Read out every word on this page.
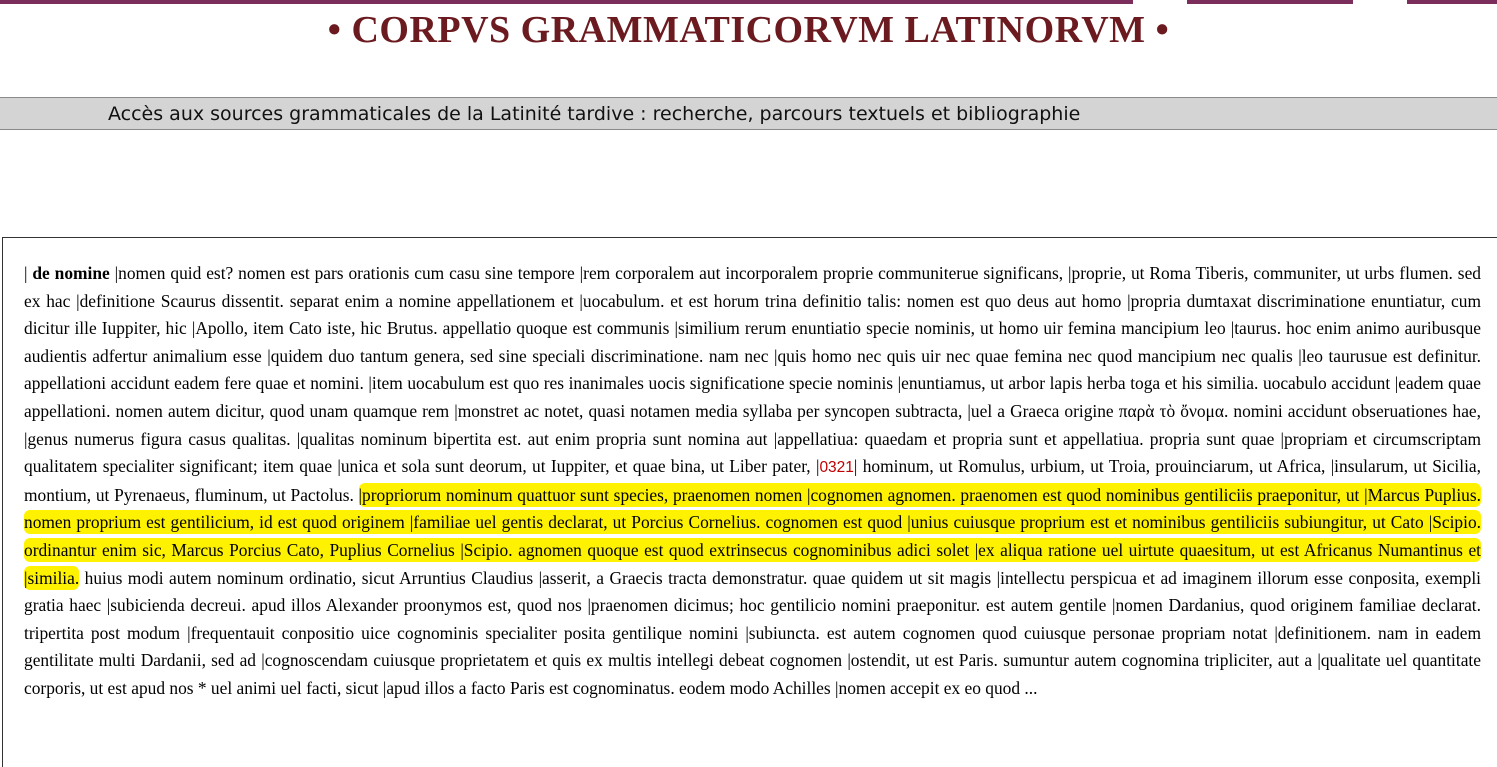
• CORPVS GRAMMATICORVM LATINORVM •
Accès aux sources grammaticales de la Latinité tardive : recherche, parcours textuels et bibliographie
| de nomine |nomen quid est? nomen est pars orationis cum casu sine tempore |rem corporalem aut incorporalem proprie communiterue significans, |proprie, ut Roma Tiberis, communiter, ut urbs flumen. sed ex hac |definitione Scaurus dissentit. separat enim a nomine appellationem et |uocabulum. et est horum trina definitio talis: nomen est quo deus aut homo |propria dumtaxat discriminatione enuntiatur, cum dicitur ille Iuppiter, hic |Apollo, item Cato iste, hic Brutus. appellatio quoque est communis |similium rerum enuntiatio specie nominis, ut homo uir femina mancipium leo |taurus. hoc enim animo auribusque audientis adfertur animalium esse |quidem duo tantum genera, sed sine speciali discriminatione. nam nec |quis homo nec quis uir nec quae femina nec quod mancipium nec qualis |leo taurusue est definitur. appellationi accidunt eadem fere quae et nomini. |item uocabulum est quo res inanimales uocis significatione specie nominis |enuntiamus, ut arbor lapis herba toga et his similia. uocabulo accidunt |eadem quae appellationi. nomen autem dicitur, quod unam quamque rem |monstret ac notet, quasi notamen media syllaba per syncopen subtracta, |uel a Graeca origine παρὰ τὸ ὄνομα. nomini accidunt obseruationes hae, |genus numerus figura casus qualitas. |qualitas nominum bipertita est. aut enim propria sunt nomina aut |appellatiua: quaedam et propria sunt et appellatiua. propria sunt quae |propriam et circumscriptam qualitatem specialiter significant; item quae |unica et sola sunt deorum, ut Iuppiter, et quae bina, ut Liber pater, |0321| hominum, ut Romulus, urbium, ut Troia, prouinciarum, ut Africa, |insularum, ut Sicilia, montium, ut Pyrenaeus, fluminum, ut Pactolus. |propriorum nominum quattuor sunt species, praenomen nomen |cognomen agnomen. praenomen est quod nominibus gentiliciis praeponitur, ut |Marcus Puplius. nomen proprium est gentilicium, id est quod originem |familiae uel gentis declarat, ut Porcius Cornelius. cognomen est quod |unius cuiusque proprium est et nominibus gentiliciis subiungitur, ut Cato |Scipio. ordinantur enim sic, Marcus Porcius Cato, Puplius Cornelius |Scipio. agnomen quoque est quod extrinsecus cognominibus adici solet |ex aliqua ratione uel uirtute quaesitum, ut est Africanus Numantinus et |similia. huius modi autem nominum ordinatio, sicut Arruntius Claudius |asserit, a Graecis tracta demonstratur. quae quidem ut sit magis |intellectu perspicua et ad imaginem illorum esse conposita, exempli gratia haec |subicienda decreui. apud illos Alexander proonymos est, quod nos |praenomen dicimus; hoc gentilicio nomini praeponitur. est autem gentile |nomen Dardanius, quod originem familiae declarat. tripertita post modum |frequentauit conpositio uice cognominis specialiter posita gentilique nomini |subiuncta. est autem cognomen quod cuiusque personae propriam notat |definitionem. nam in eadem gentilitate multi Dardanii, sed ad |cognoscendam cuiusque proprietatem et quis ex multis intellegi debeat cognomen |ostendit, ut est Paris. sumuntur autem cognomina tripliciter, aut a |qualitate uel quantitate corporis, ut est apud nos * uel animi uel facti, sicut |apud illos a facto Paris est cognominatus. eodem modo Achilles |nomen accepit ex eo quod ...
